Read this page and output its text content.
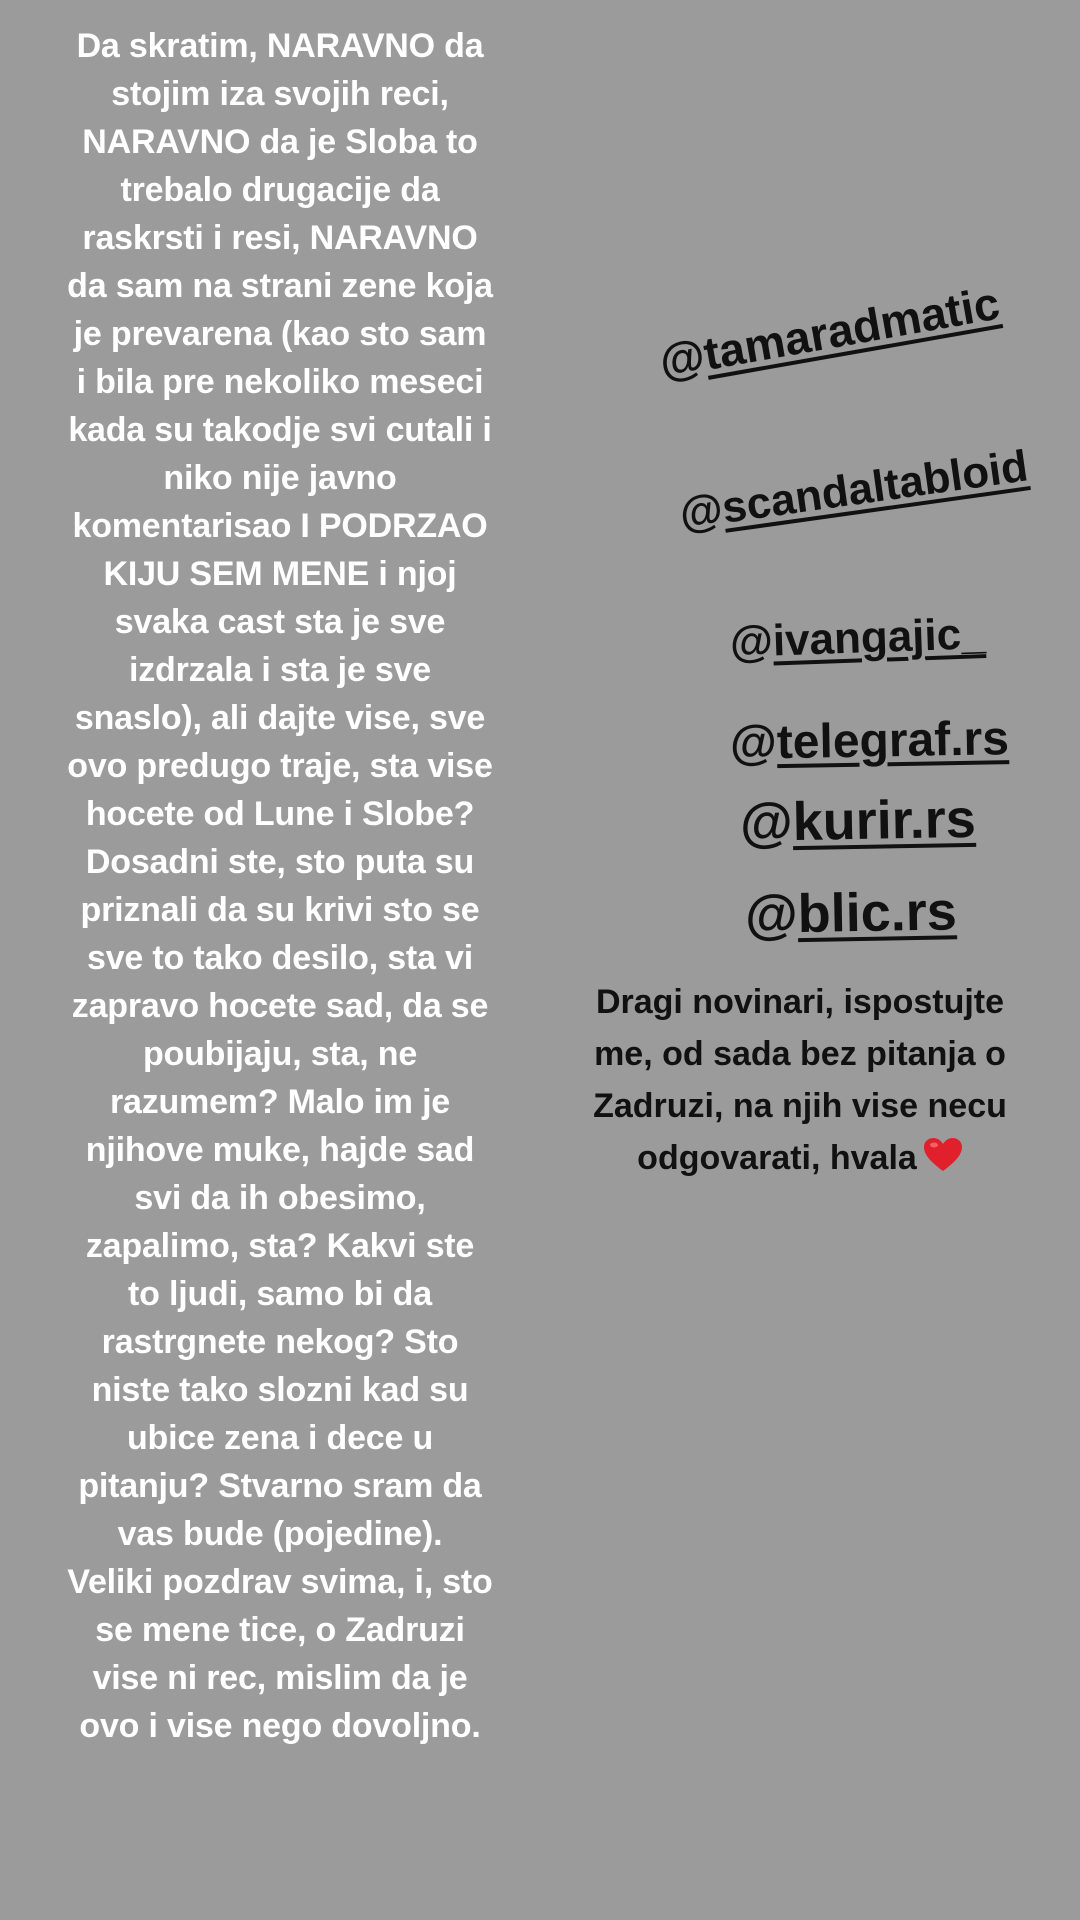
Da skratim, NARAVNO da
stojim iza svojih reci,
NARAVNO da je Sloba to
trebalo drugacije da
raskrsti i resi, NARAVNO
da sam na strani zene koja
je prevarena (kao sto sam
i bila pre nekoliko meseci
kada su takodje svi cutali i
niko nije javno
komentarisao I PODRZAO
KIJU SEM MENE i njoj
svaka cast sta je sve
izdrzala i sta je sve
snaslo), ali dajte vise, sve
ovo predugo traje, sta vise
hocete od Lune i Slobe?
Dosadni ste, sto puta su
priznali da su krivi sto se
sve to tako desilo, sta vi
zapravo hocete sad, da se
poubijaju, sta, ne
razumem? Malo im je
njihove muke, hajde sad
svi da ih obesimo,
zapalimo, sta? Kakvi ste
to ljudi, samo bi da
rastrgnete nekog? Sto
niste tako slozni kad su
ubice zena i dece u
pitanju? Stvarno sram da
vas bude (pojedine).
Veliki pozdrav svima, i, sto
se mene tice, o Zadruzi
vise ni rec, mislim da je
ovo i vise nego dovoljno.
@tamaradmatic
@scandaltabloid
@ivangajic_
@telegraf.rs
@kurir.rs
@blic.rs
Dragi novinari, ispostujte
me, od sada bez pitanja o
Zadruzi, na njih vise necu
odgovarati, hvala
